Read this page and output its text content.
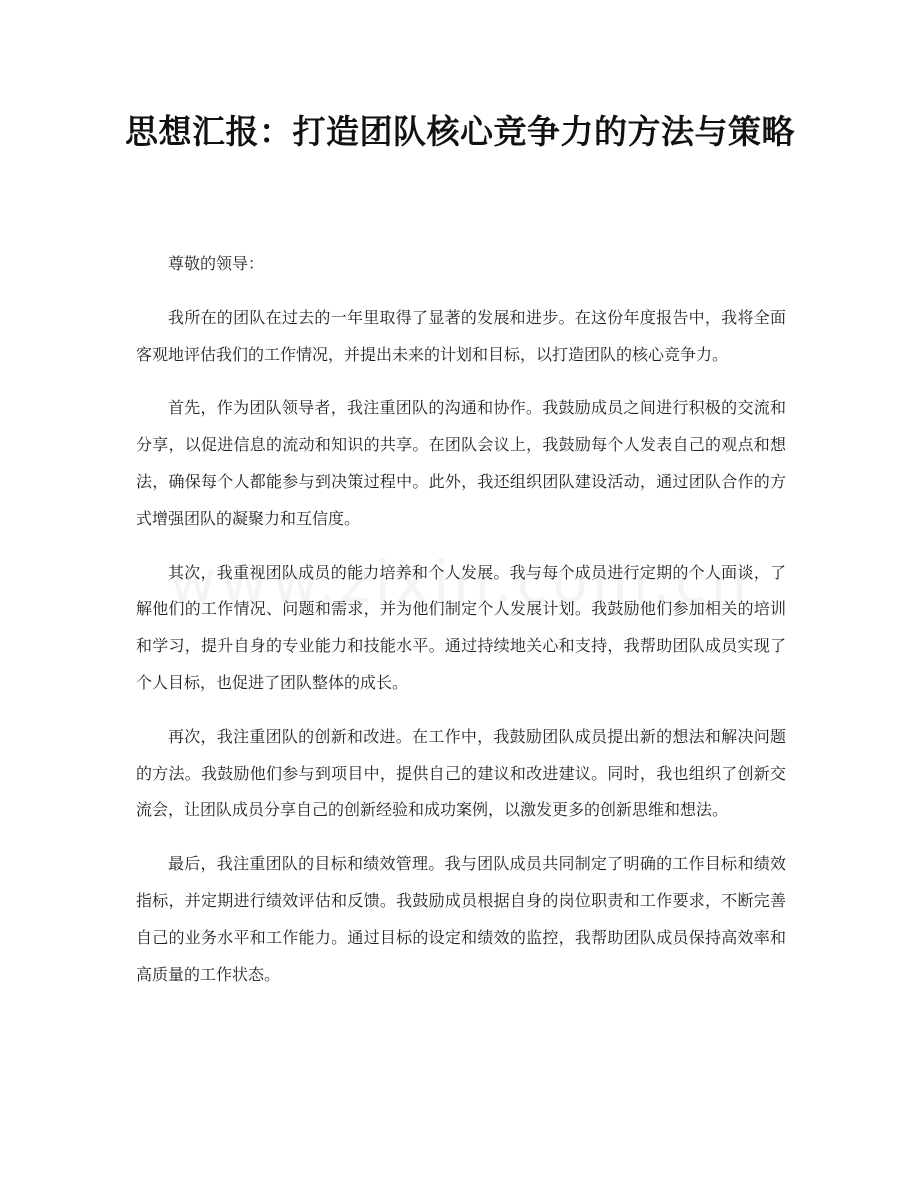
思想汇报：打造团队核心竞争力的方法与策略

尊敬的领导：

我所在的团队在过去的一年里取得了显著的发展和进步。在这份年度报告中，我将全面客观地评估我们的工作情况，并提出未来的计划和目标，以打造团队的核心竞争力。

首先，作为团队领导者，我注重团队的沟通和协作。我鼓励成员之间进行积极的交流和分享，以促进信息的流动和知识的共享。在团队会议上，我鼓励每个人发表自己的观点和想法，确保每个人都能参与到决策过程中。此外，我还组织团队建设活动，通过团队合作的方式增强团队的凝聚力和互信度。

其次，我重视团队成员的能力培养和个人发展。我与每个成员进行定期的个人面谈，了解他们的工作情况、问题和需求，并为他们制定个人发展计划。我鼓励他们参加相关的培训和学习，提升自身的专业能力和技能水平。通过持续地关心和支持，我帮助团队成员实现了个人目标，也促进了团队整体的成长。

再次，我注重团队的创新和改进。在工作中，我鼓励团队成员提出新的想法和解决问题的方法。我鼓励他们参与到项目中，提供自己的建议和改进建议。同时，我也组织了创新交流会，让团队成员分享自己的创新经验和成功案例，以激发更多的创新思维和想法。

最后，我注重团队的目标和绩效管理。我与团队成员共同制定了明确的工作目标和绩效指标，并定期进行绩效评估和反馈。我鼓励成员根据自身的岗位职责和工作要求，不断完善自己的业务水平和工作能力。通过目标的设定和绩效的监控，我帮助团队成员保持高效率和高质量的工作状态。
